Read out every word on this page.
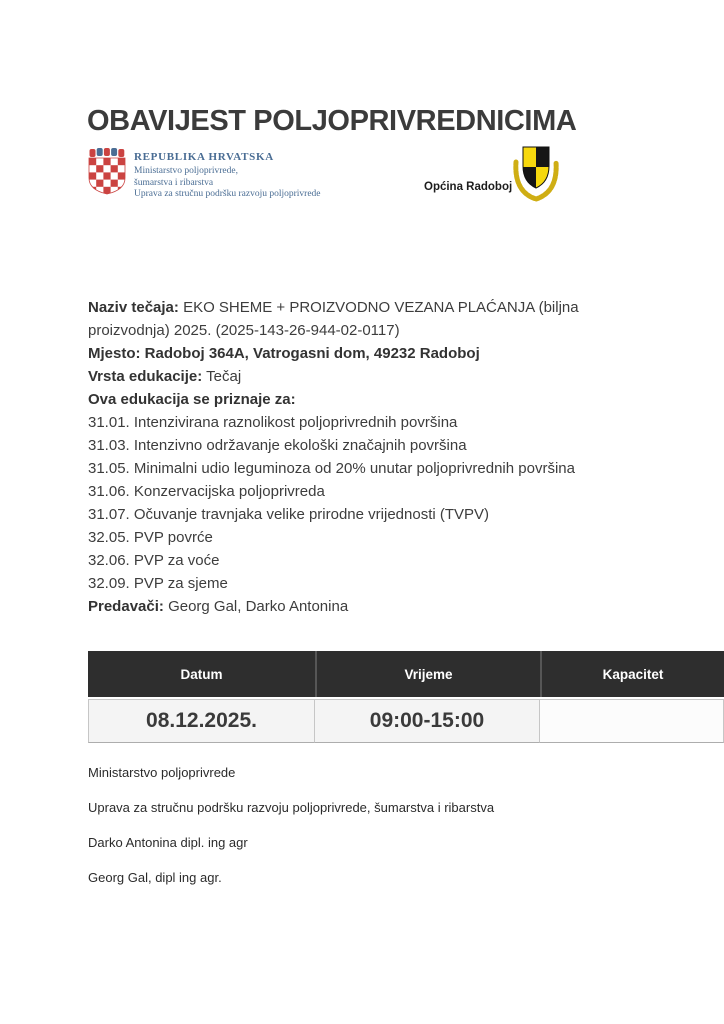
OBAVIJEST POLJOPRIVREDNICIMA
REPUBLIKA HRVATSKA
Ministarstvo poljoprivrede,
šumarstva i ribarstva
Uprava za stručnu podršku razvoju poljoprivrede
Općina Radoboj
Naziv tečaja: EKO SHEME + PROIZVODNO VEZANA PLAĆANJA (biljna proizvodnja) 2025. (2025-143-26-944-02-0117)
Mjesto: Radoboj 364A, Vatrogasni dom, 49232 Radoboj
Vrsta edukacije: Tečaj
Ova edukacija se priznaje za:
31.01. Intenzivirana raznolikost poljoprivrednih površina
31.03. Intenzivno održavanje ekološki značajnih površina
31.05. Minimalni udio leguminoza od 20% unutar poljoprivrednih površina
31.06. Konzervacijska poljoprivreda
31.07. Očuvanje travnjaka velike prirodne vrijednosti (TVPV)
32.05. PVP povrće
32.06. PVP za voće
32.09. PVP za sjeme
Predavači: Georg Gal, Darko Antonina
Datum	Vrijeme	Kapacitet
08.12.2025.	09:00-15:00

Ministarstvo poljoprivrede

Uprava za stručnu podršku razvoju poljoprivrede, šumarstva i ribarstva

Darko Antonina dipl. ing agr

Georg Gal, dipl ing agr.
